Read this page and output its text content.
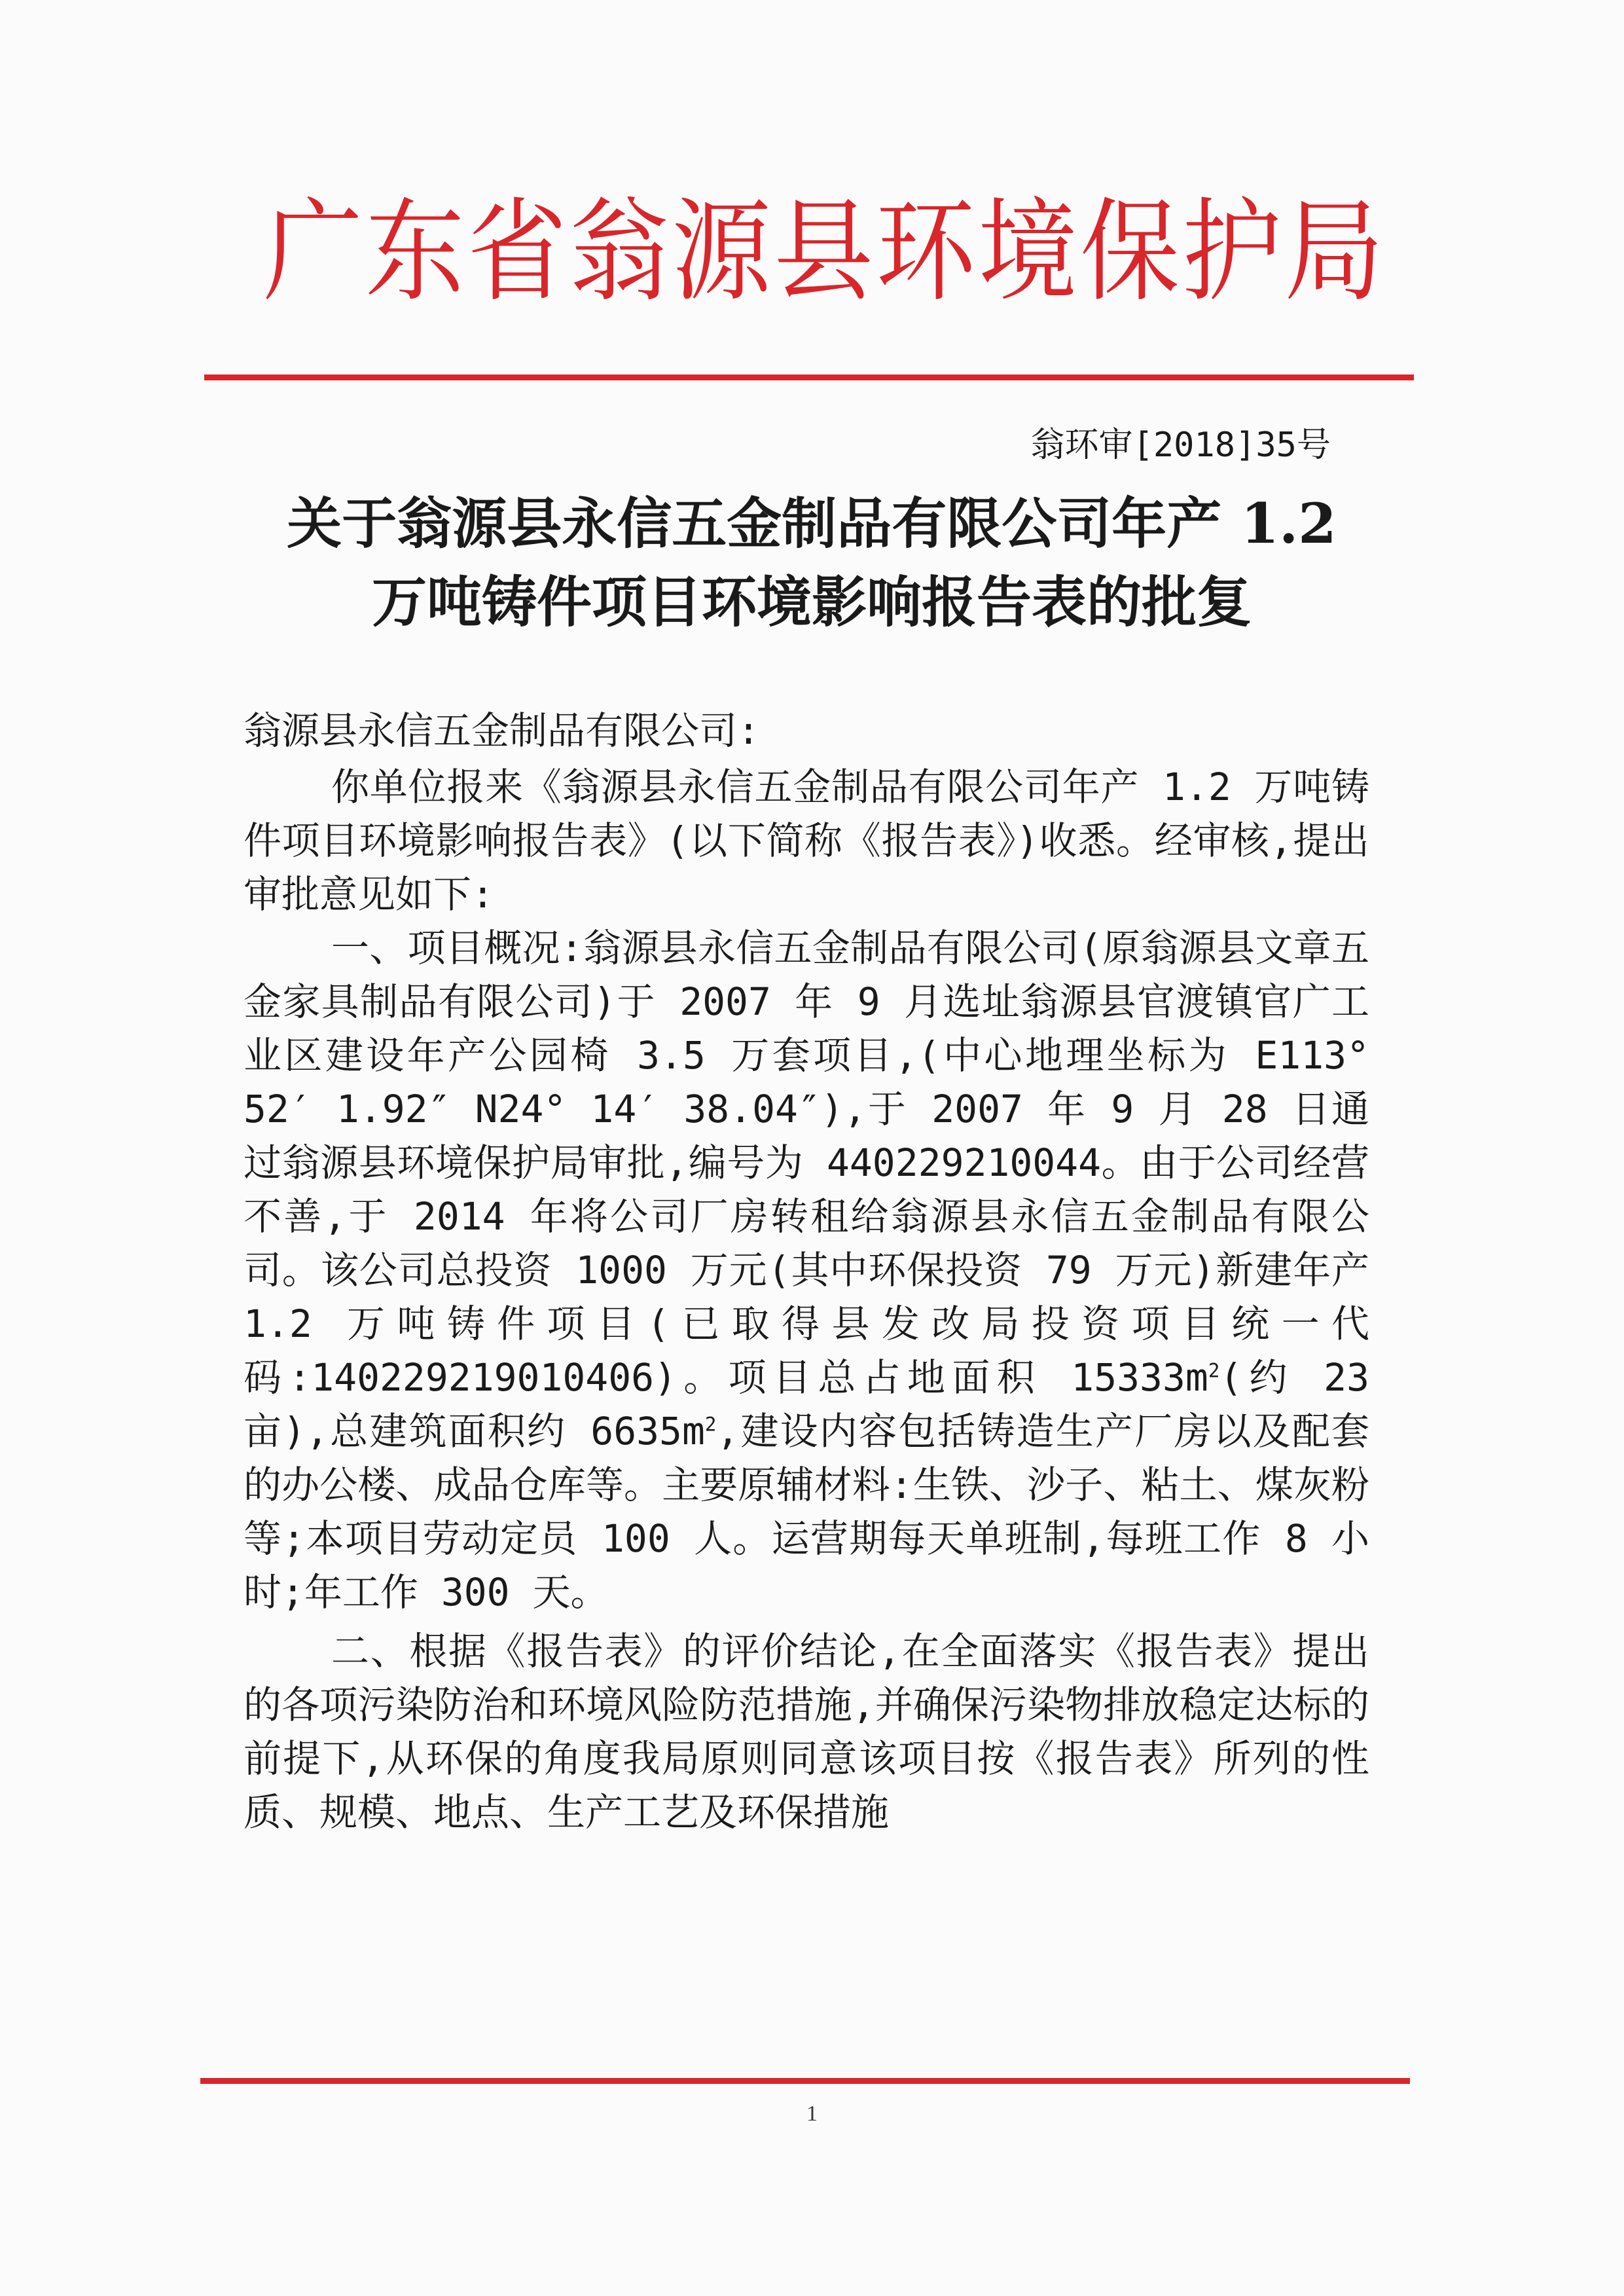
广东省翁源县环境保护局
翁环审[2018]35号
关于翁源县永信五金制品有限公司年产 1.2
万吨铸件项目环境影响报告表的批复

翁源县永信五金制品有限公司:

你单位报来《翁源县永信五金制品有限公司年产 1.2 万吨铸件项目环境影响报告表》(以下简称《报告表》)收悉。经审核,提出审批意见如下:

一、项目概况:翁源县永信五金制品有限公司(原翁源县文章五金家具制品有限公司)于 2007 年 9 月选址翁源县官渡镇官广工业区建设年产公园椅 3.5 万套项目,(中心地理坐标为 E113° 52′ 1.92″ N24° 14′ 38.04″),于 2007 年 9 月 28 日通过翁源县环境保护局审批,编号为 440229210044。由于公司经营不善,于 2014 年将公司厂房转租给翁源县永信五金制品有限公司。该公司总投资 1000 万元(其中环保投资 79 万元)新建年产 1.2 万吨铸件项目(已取得县发改局投资项目统一代码:140229219010406)。项目总占地面积 $15333m^2$(约 23 亩),总建筑面积约 $6635m^2$,建设内容包括铸造生产厂房以及配套的办公楼、成品仓库等。主要原辅材料:生铁、沙子、粘土、煤灰粉等;本项目劳动定员 100 人。运营期每天单班制,每班工作 8 小时;年工作 300 天。

二、根据《报告表》的评价结论,在全面落实《报告表》提出的各项污染防治和环境风险防范措施,并确保污染物排放稳定达标的前提下,从环保的角度我局原则同意该项目按《报告表》所列的性质、规模、地点、生产工艺及环保措施

1
